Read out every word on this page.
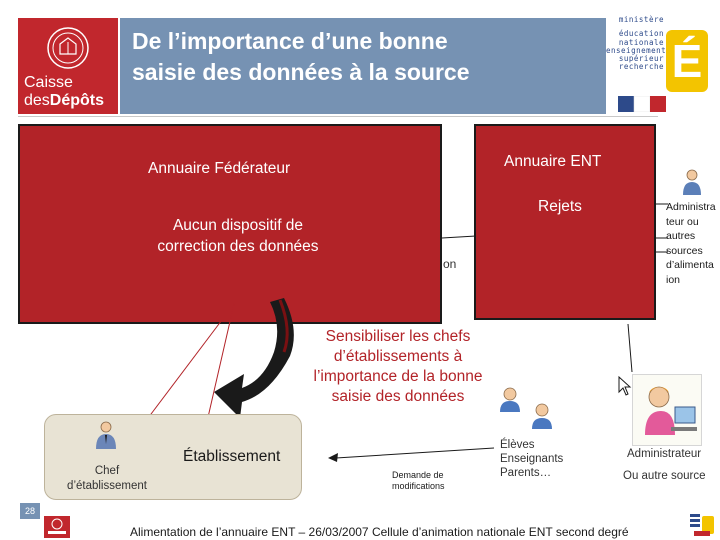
Caisse
desDépôts
De l’importance d’une bonne
saisie des données à la source
ministère
éducation
nationale
enseignement
supérieur
recherche É
Annuaire Fédérateur	Annuaire ENT
Rejets
Aucun dispositif de
correction des données
on
Administra
teur ou
autres
sources
d’alimenta
ion
Sensibiliser les chefs
d’établissements à
l’importance de la bonne
saisie des données
Établissement
Chef
d’établissement
Demande de
modifications
Élèves
Enseignants
Parents…
Administrateur
Ou autre source
28
Alimentation de l’annuaire ENT – 26/03/2007 Cellule d’animation nationale ENT second degré
